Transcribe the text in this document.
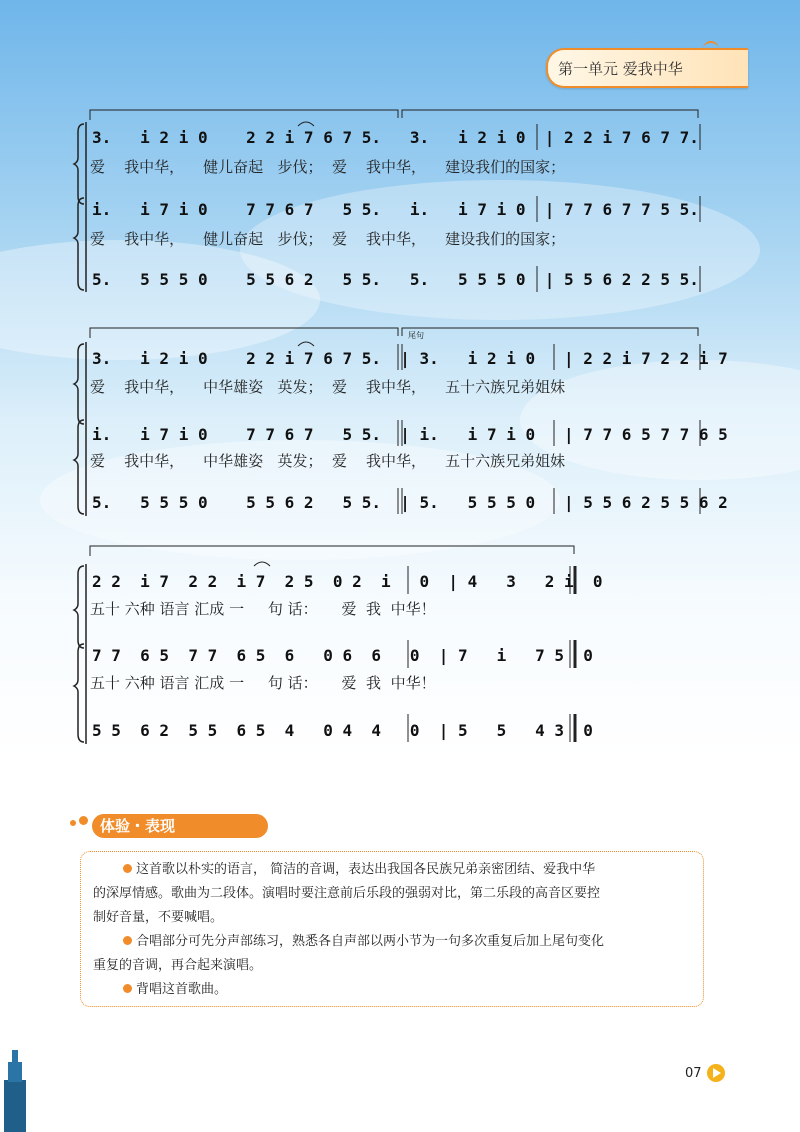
第一单元 爱我中华
3.   i 2 i 0    2 2 i 7 6 7 5.   3.   i 2 i 0  | 2 2 i 7 6 7 7.
爱    我中华，    健儿奋起   步伐；  爱    我中华，    建设我们的国家；
i.   i 7 i 0    7 7 6 7   5 5.   i.   i 7 i 0  | 7 7 6 7 7 5 5.
爱    我中华，    健儿奋起   步伐；  爱    我中华，    建设我们的国家；
5.   5 5 5 0    5 5 6 2   5 5.   5.   5 5 5 0  | 5 5 6 2 2 5 5.
尾句
3.   i 2 i 0    2 2 i 7 6 7 5.  | 3.   i 2 i 0   | 2 2 i 7 2 2 i 7
爱    我中华，    中华雄姿   英发；  爱    我中华，    五十六族兄弟姐妹
i.   i 7 i 0    7 7 6 7   5 5.  | i.   i 7 i 0   | 7 7 6 5 7 7 6 5
爱    我中华，    中华雄姿   英发；  爱    我中华，    五十六族兄弟姐妹
5.   5 5 5 0    5 5 6 2   5 5.  | 5.   5 5 5 0   | 5 5 6 2 5 5 6 2
2 2  i 7  2 2  i 7  2 5  0 2  i   0  | 4   3   2 i  0
五十 六种 语言 汇成 一     句 话：     爱  我  中华！
7 7  6 5  7 7  6 5  6   0 6  6   0  | 7   i   7 5  0
五十 六种 语言 汇成 一     句 话：     爱  我  中华！
5 5  6 2  5 5  6 5  4   0 4  4   0  | 5   5   4 3  0
体验・表现

这首歌以朴实的语言， 简洁的音调，表达出我国各民族兄弟亲密团结、爱我中华

的深厚情感。歌曲为二段体。演唱时要注意前后乐段的强弱对比，第二乐段的高音区要控

制好音量，不要喊唱。

合唱部分可先分声部练习，熟悉各自声部以两小节为一句多次重复后加上尾句变化

重复的音调，再合起来演唱。

背唱这首歌曲。

07
